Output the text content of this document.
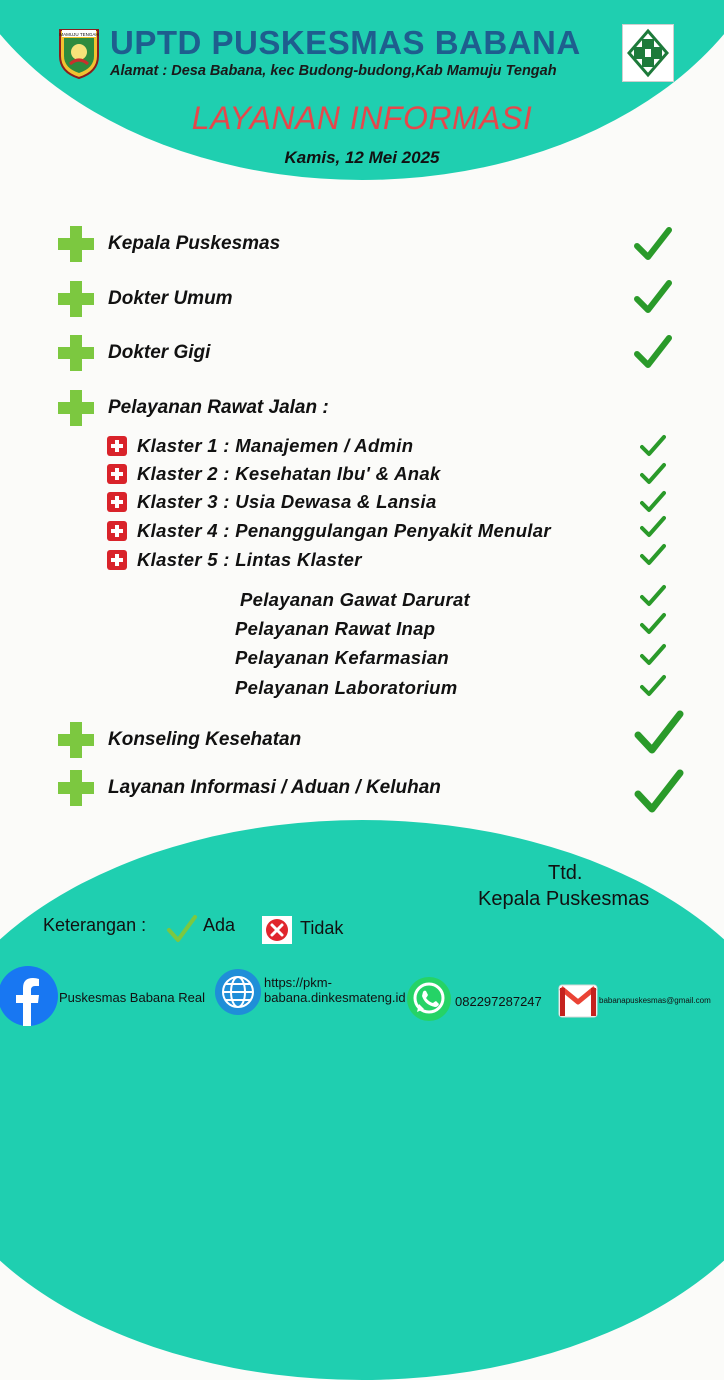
MAMUJU TENGAH UPTD PUSKESMAS BABANA
Alamat : Desa Babana, kec Budong-budong,Kab Mamuju Tengah
LAYANAN INFORMASI
Kamis, 12 Mei 2025
Kepala Puskesmas
Dokter Umum
Dokter Gigi
Pelayanan Rawat Jalan :
Klaster 1 : Manajemen / Admin
Klaster 2 : Kesehatan Ibu' & Anak
Klaster 3 : Usia Dewasa & Lansia
Klaster 4 : Penanggulangan Penyakit Menular
Klaster 5 : Lintas Klaster
Pelayanan Gawat Darurat
Pelayanan Rawat Inap
Pelayanan Kefarmasian
Pelayanan Laboratorium
Konseling Kesehatan
Layanan Informasi / Aduan / Keluhan
Ttd.
Kepala Puskesmas
Keterangan :	Ada	Tidak
Puskesmas Babana Real
https://pkm-babana.dinkesmateng.id	082297287247	babanapuskesmas@gmail.com
